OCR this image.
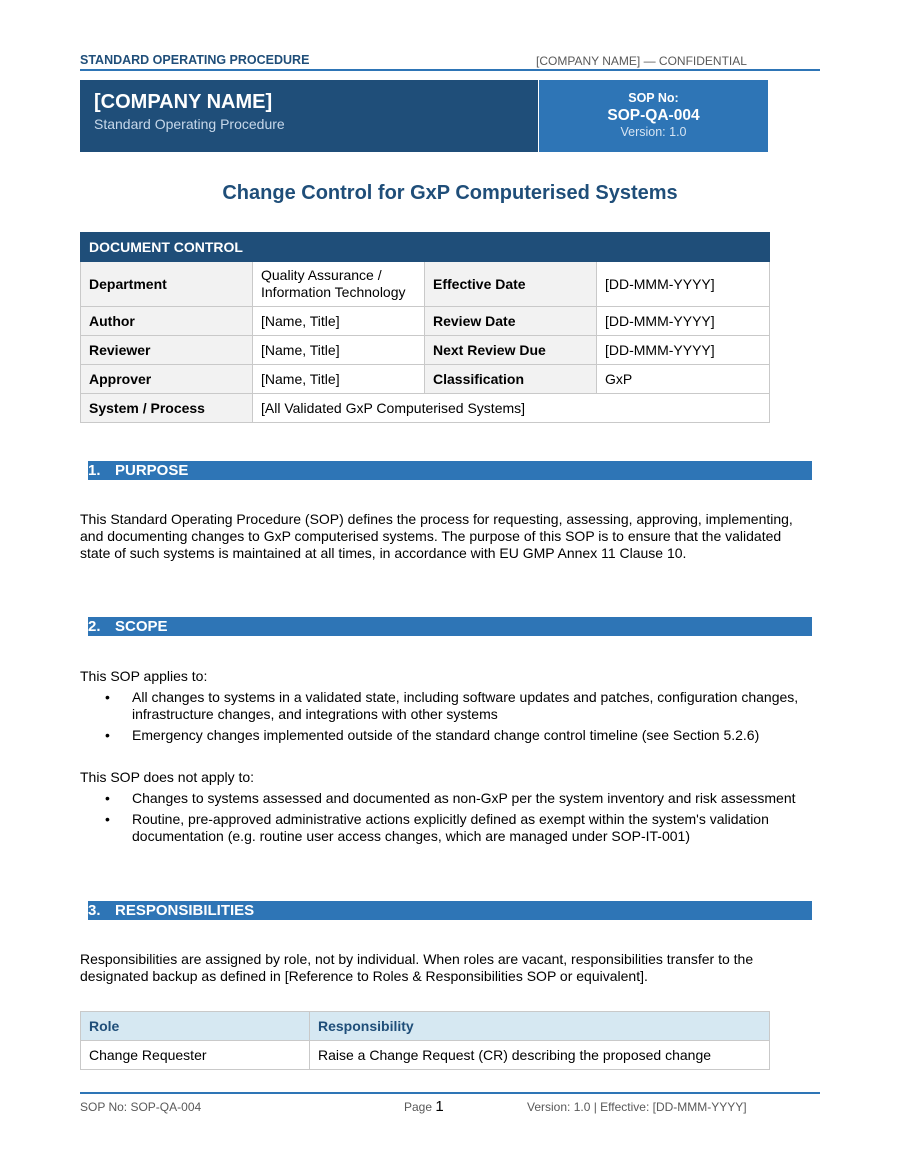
STANDARD OPERATING PROCEDURE	[COMPANY NAME] — CONFIDENTIAL
[COMPANY NAME]
Standard Operating Procedure
SOP No:
SOP-QA-004
Version: 1.0
Change Control for GxP Computerised Systems
DOCUMENT CONTROL			
Department	Quality Assurance / Information Technology	Effective Date	[DD-MMM-YYYY]
Author	[Name, Title]	Review Date	[DD-MMM-YYYY]
Reviewer	[Name, Title]	Next Review Due	[DD-MMM-YYYY]
Approver	[Name, Title]	Classification	GxP
System / Process	[All Validated GxP Computerised Systems]		
1. PURPOSE

This Standard Operating Procedure (SOP) defines the process for requesting, assessing, approving, implementing, and documenting changes to GxP computerised systems. The purpose of this SOP is to ensure that the validated state of such systems is maintained at all times, in accordance with EU GMP Annex 11 Clause 10.

2. SCOPE

This SOP applies to:

• All changes to systems in a validated state, including software updates and patches, configuration changes, infrastructure changes, and integrations with other systems
• Emergency changes implemented outside of the standard change control timeline (see Section 5.2.6)

This SOP does not apply to:

• Changes to systems assessed and documented as non-GxP per the system inventory and risk assessment
• Routine, pre-approved administrative actions explicitly defined as exempt within the system's validation documentation (e.g. routine user access changes, which are managed under SOP-IT-001)
3. RESPONSIBILITIES

Responsibilities are assigned by role, not by individual. When roles are vacant, responsibilities transfer to the designated backup as defined in [Reference to Roles & Responsibilities SOP or equivalent].

Role	Responsibility
Change Requester	Raise a Change Request (CR) describing the proposed change
SOP No: SOP-QA-004	Page 1	Version: 1.0 | Effective: [DD-MMM-YYYY]
